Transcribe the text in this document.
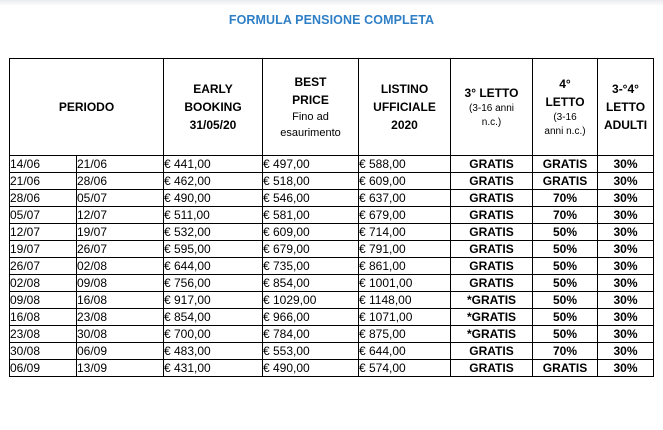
FORMULA PENSIONE COMPLETA
PERIODO		EARLY
BOOKING
31/05/20	BEST
PRICE
Fino ad
esaurimento	LISTINO
UFFICIALE
2020	3° LETTO
(3-16 anni
n.c.)	4°
LETTO
(3-16
anni n.c.)	3-°4°
LETTO
ADULTI

14/06	21/06	€ 441,00	€ 497,00	€ 588,00	GRATIS	GRATIS	30%
21/06	28/06	€ 462,00	€ 518,00	€ 609,00	GRATIS	GRATIS	30%
28/06	05/07	€ 490,00	€ 546,00	€ 637,00	GRATIS	70%	30%
05/07	12/07	€ 511,00	€ 581,00	€ 679,00	GRATIS	70%	30%
12/07	19/07	€ 532,00	€ 609,00	€ 714,00	GRATIS	50%	30%
19/07	26/07	€ 595,00	€ 679,00	€ 791,00	GRATIS	50%	30%
26/07	02/08	€ 644,00	€ 735,00	€ 861,00	GRATIS	50%	30%
02/08	09/08	€ 756,00	€ 854,00	€ 1001,00	GRATIS	50%	30%
09/08	16/08	€ 917,00	€ 1029,00	€ 1148,00	*GRATIS	50%	30%
16/08	23/08	€ 854,00	€ 966,00	€ 1071,00	*GRATIS	50%	30%
23/08	30/08	€ 700,00	€ 784,00	€ 875,00	*GRATIS	50%	30%
30/08	06/09	€ 483,00	€ 553,00	€ 644,00	GRATIS	70%	30%
06/09	13/09	€ 431,00	€ 490,00	€ 574,00	GRATIS	GRATIS	30%
